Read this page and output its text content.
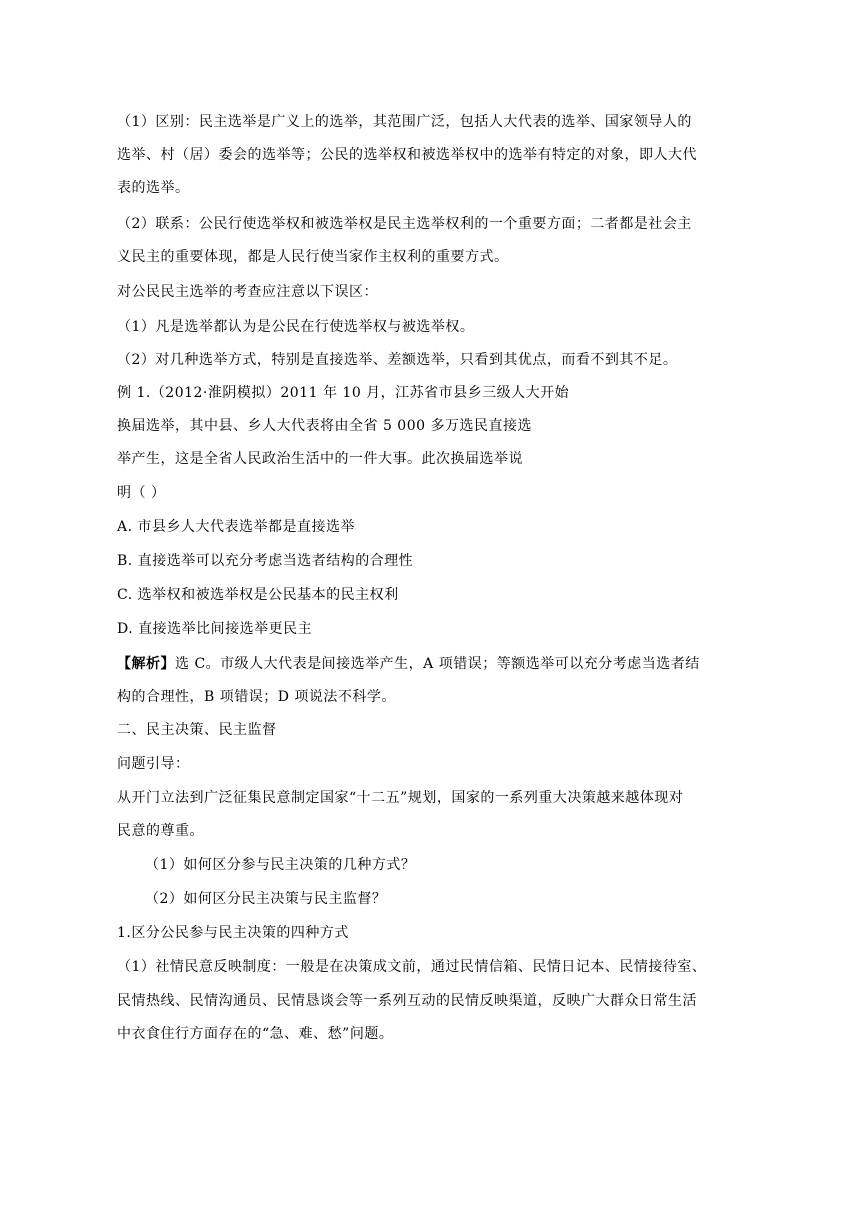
（1）区别：民主选举是广义上的选举，其范围广泛，包括人大代表的选举、国家领导人的
选举、村（居）委会的选举等；公民的选举权和被选举权中的选举有特定的对象，即人大代
表的选举。
（2）联系：公民行使选举权和被选举权是民主选举权利的一个重要方面；二者都是社会主
义民主的重要体现，都是人民行使当家作主权利的重要方式。
对公民民主选举的考查应注意以下误区：
（1）凡是选举都认为是公民在行使选举权与被选举权。
（2）对几种选举方式，特别是直接选举、差额选举，只看到其优点，而看不到其不足。
例 1.（2012·淮阴模拟）2011 年 10 月，江苏省市县乡三级人大开始
换届选举，其中县、乡人大代表将由全省 5 000 多万选民直接选
举产生，这是全省人民政治生活中的一件大事。此次换届选举说
明（ ）
A. 市县乡人大代表选举都是直接选举
B. 直接选举可以充分考虑当选者结构的合理性
C. 选举权和被选举权是公民基本的民主权利
D. 直接选举比间接选举更民主
【解析】选 C。市级人大代表是间接选举产生，A 项错误；等额选举可以充分考虑当选者结
构的合理性，B 项错误；D 项说法不科学。
二、民主决策、民主监督
问题引导：
从开门立法到广泛征集民意制定国家“十二五”规划，国家的一系列重大决策越来越体现对
民意的尊重。
（1）如何区分参与民主决策的几种方式？
（2）如何区分民主决策与民主监督？
1.区分公民参与民主决策的四种方式
（1）社情民意反映制度：一般是在决策成文前，通过民情信箱、民情日记本、民情接待室、
民情热线、民情沟通员、民情恳谈会等一系列互动的民情反映渠道，反映广大群众日常生活
中衣食住行方面存在的“急、难、愁”问题。
